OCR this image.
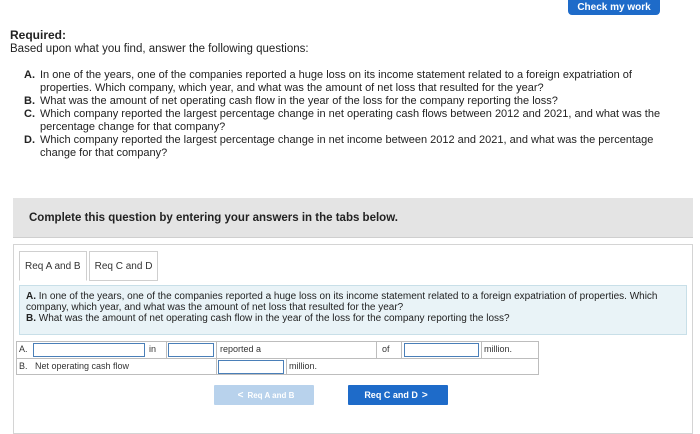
Check my work
Required:
Based upon what you find, answer the following questions:
A. In one of the years, one of the companies reported a huge loss on its income statement related to a foreign expatriation of properties. Which company, which year, and what was the amount of net loss that resulted for the year?
B. What was the amount of net operating cash flow in the year of the loss for the company reporting the loss?
C. Which company reported the largest percentage change in net operating cash flows between 2012 and 2021, and what was the percentage change for that company?
D. Which company reported the largest percentage change in net income between 2012 and 2021, and what was the percentage change for that company?
Complete this question by entering your answers in the tabs below.
Req A and B	Req C and D
A. In one of the years, one of the companies reported a huge loss on its income statement related to a foreign expatriation of properties. Which company, which year, and what was the amount of net loss that resulted for the year?
B. What was the amount of net operating cash flow in the year of the loss for the company reporting the loss?
A.	in	reported a	of	million.
B. Net operating cash flow	million.
< Req A and B	Req C and D >
